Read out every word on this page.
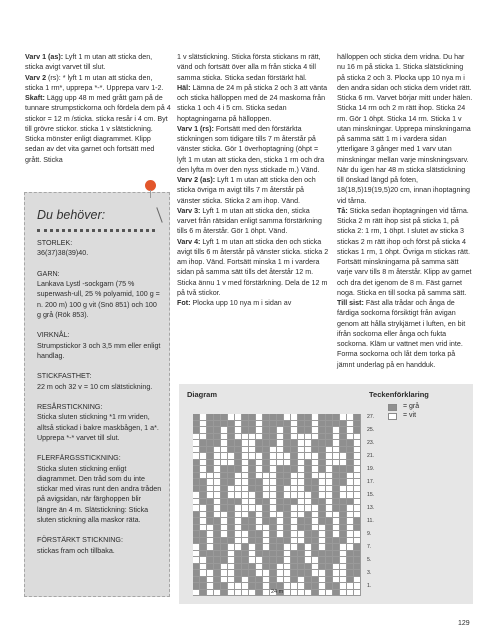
Varv 1 (as): Lyft 1 m utan att sticka den, sticka avigt varvet till slut.

Varv 2 (rs): * lyft 1 m utan att sticka den, sticka 1 rm*, upprepa *-*. Upprepa varv 1-2.

Skaft: Lägg upp 48 m med grått garn på de tunnare strumpstickorna och fördela dem på 4 stickor = 12 m /sticka. sticka resår i 4 cm. Byt till grövre stickor. sticka 1 v slätstickning. Sticka mönster enligt diagrammet. Klipp sedan av det vita garnet och fortsätt med grått. Sticka

Du behöver:

STORLEK:
36(37)38(39)40.

GARN:
Lankava Lystl -sockgarn (75 % superwash-ull, 25 % polyamid, 100 g = n. 200 m) 100 g vit (Snö 851) och 100 g grå (Rök 853).

VIRKNÅL:
Strumpstickor 3 och 3,5 mm eller enligt handlag.

STICKFASTHET:
22 m och 32 v = 10 cm slätstickning.

RESÅRSTICKNING:
Sticka sluten stickning *1 rm vriden, alltså stickad i bakre maskbågen, 1 a*. Upprepa *-* varvet till slut.

FLERFÄRGSSTICKNING:
Sticka sluten stickning enligt diagrammet. Den tråd som du inte stickar med viras runt den andra tråden på avigsidan, när färghoppen blir längre än 4 m. Slätstickning: Sticka sluten stickning alla maskor räta.

FÖRSTÄRKT STICKNING:
stickas fram och tillbaka.

1 v slätstickning. Sticka första stickans m rätt, vänd och fortsätt över alla m från sticka 4 till samma sticka. Sticka sedan förstärkt häl.

Häl: Lämna de 24 m på sticka 2 och 3 att vänta och sticka hälloppen med de 24 maskorna från sticka 1 och 4 i 5 cm. Sticka sedan hoptagningarna på hälloppen.

Varv 1 (rs): Fortsätt med den förstärkta stickningen som tidigare tills 7 m återstår på vänster sticka. Gör 1 överhoptagning (öhpt = lyft 1 m utan att sticka den, sticka 1 rm och dra den lyfta m över den nyss stickade m.) Vänd.

Varv 2 (as): Lyft 1 m utan att sticka den och sticka övriga m avigt tills 7 m återstår på vänster sticka. Sticka 2 am ihop. Vänd.

Varv 3: Lyft 1 m utan att sticka den, sticka varvet från rätsidan enligt samma förstärkning tills 6 m återstår. Gör 1 öhpt. Vänd.

Varv 4: Lyft 1 m utan att sticka den och sticka avigt tills 6 m återstår på vänster sticka. sticka 2 am ihop. Vänd. Fortsätt minska 1 m i vardera sidan på samma sätt tills det återstår 12 m. Sticka ännu 1 v med förstärkning. Dela de 12 m på två stickor.

Fot: Plocka upp 10 nya m i sidan av

hälloppen och sticka dem vridna. Du har nu 16 m på sticka 1. Sticka slätstickning på sticka 2 och 3. Plocka upp 10 nya m i den andra sidan och sticka dem vridet rätt. Sticka 6 rm. Varvet börjar mitt under hälen. Sticka 14 rm och 2 m rätt ihop. Sticka 24 rm. Gör 1 öhpt. Sticka 14 rm. Sticka 1 v utan minskningar. Upprepa minskningarna på samma sätt 1 m i vardera sidan ytterligare 3 gånger med 1 varv utan minskningar mellan varje minskningsvarv. När du igen har 48 m sticka slätstickning till önskad längd på foten, 18(18,5)19(19,5)20 cm, innan ihoptagning vid tårna.

Tå: Sticka sedan ihoptagningen vid tårna. Sticka 2 m rätt ihop sist på sticka 1, på sticka 2: 1 rm, 1 öhpt. I slutet av sticka 3 stickas 2 m rätt ihop och först på sticka 4 stickas 1 rm, 1 öhpt. Övriga m stickas rätt. Fortsätt minskningarna på samma sätt varje varv tills 8 m återstår. Klipp av garnet och dra det igenom de 8 m. Fäst garnet noga. Sticka en till socka på samma sätt.

Till sist: Fäst alla trådar och ånga de färdiga sockorna försiktigt från avigan genom att hålla strykjärnet i luften, en bit ifrån sockorna eller ånga och fukta sockorna. Kläm ur vattnet men vrid inte. Forma sockorna och låt dem torka på jämnt underlag på en handduk.

Diagram	Teckenförklaring
= grå
= vit
27.
25.
23.
21.
19.
17.
15.
13.
11.
9.
7.
5.
3.
1.
24 m
129
